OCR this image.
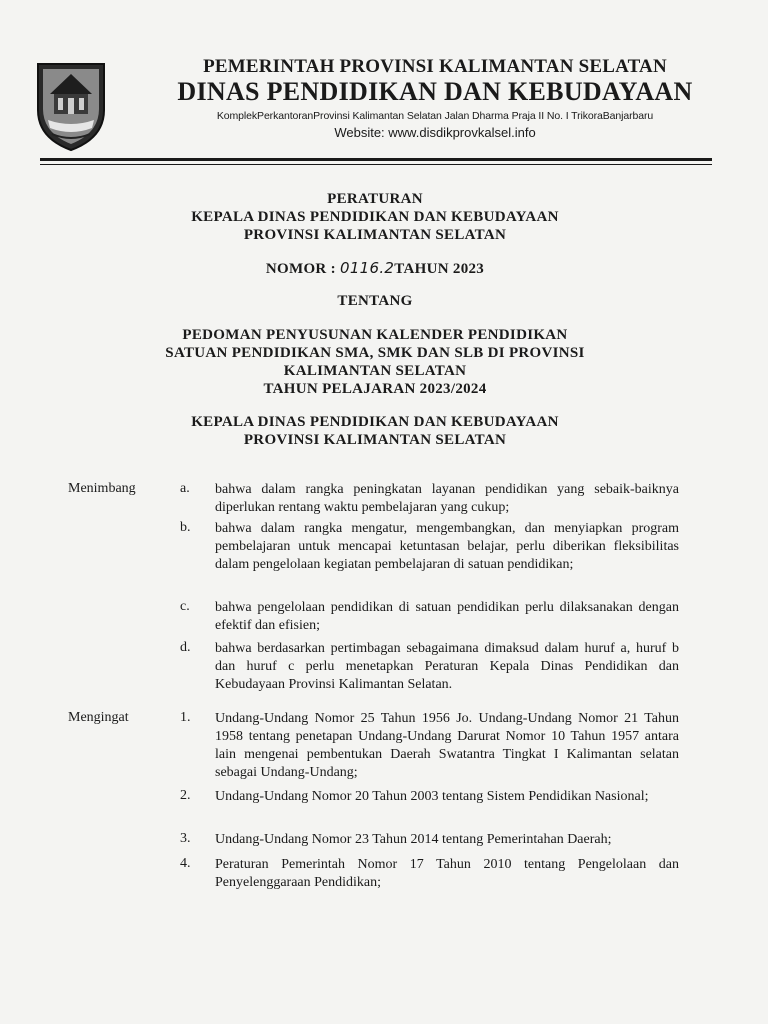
PEMERINTAH PROVINSI KALIMANTAN SELATAN
DINAS PENDIDIKAN DAN KEBUDAYAAN
KomplekPerkantoranProvinsi Kalimantan Selatan Jalan Dharma Praja II No. I TrikoraBanjarbaru
Website: www.disdikprovkalsel.info
PERATURAN
KEPALA DINAS PENDIDIKAN DAN KEBUDAYAAN
PROVINSI KALIMANTAN SELATAN
NOMOR : 0116.2TAHUN 2023
TENTANG
PEDOMAN PENYUSUNAN KALENDER PENDIDIKAN
SATUAN PENDIDIKAN SMA, SMK DAN SLB DI PROVINSI
KALIMANTAN SELATAN
TAHUN PELAJARAN 2023/2024
KEPALA DINAS PENDIDIKAN DAN KEBUDAYAAN
PROVINSI KALIMANTAN SELATAN
Menimbang	a.	bahwa dalam rangka peningkatan layanan pendidikan yang sebaik-baiknya diperlukan rentang waktu pembelajaran yang cukup;
b.	bahwa dalam rangka mengatur, mengembangkan, dan menyiapkan program pembelajaran untuk mencapai ketuntasan belajar, perlu diberikan fleksibilitas dalam pengelolaan kegiatan pembelajaran di satuan pendidikan;
c.	bahwa pengelolaan pendidikan di satuan pendidikan perlu dilaksanakan dengan efektif dan efisien;
d.	bahwa berdasarkan pertimbagan sebagaimana dimaksud dalam huruf a, huruf b dan huruf c perlu menetapkan Peraturan Kepala Dinas Pendidikan dan Kebudayaan Provinsi Kalimantan Selatan.
Mengingat	1.	Undang-Undang Nomor 25 Tahun 1956 Jo. Undang-Undang Nomor 21 Tahun 1958 tentang penetapan Undang-Undang Darurat Nomor 10 Tahun 1957 antara lain mengenai pembentukan Daerah Swatantra Tingkat I Kalimantan selatan sebagai Undang-Undang;
2.	Undang-Undang Nomor 20 Tahun 2003 tentang Sistem Pendidikan Nasional;
3.	Undang-Undang Nomor 23 Tahun 2014 tentang Pemerintahan Daerah;
4.	Peraturan Pemerintah Nomor 17 Tahun 2010 tentang Pengelolaan dan Penyelenggaraan Pendidikan;
